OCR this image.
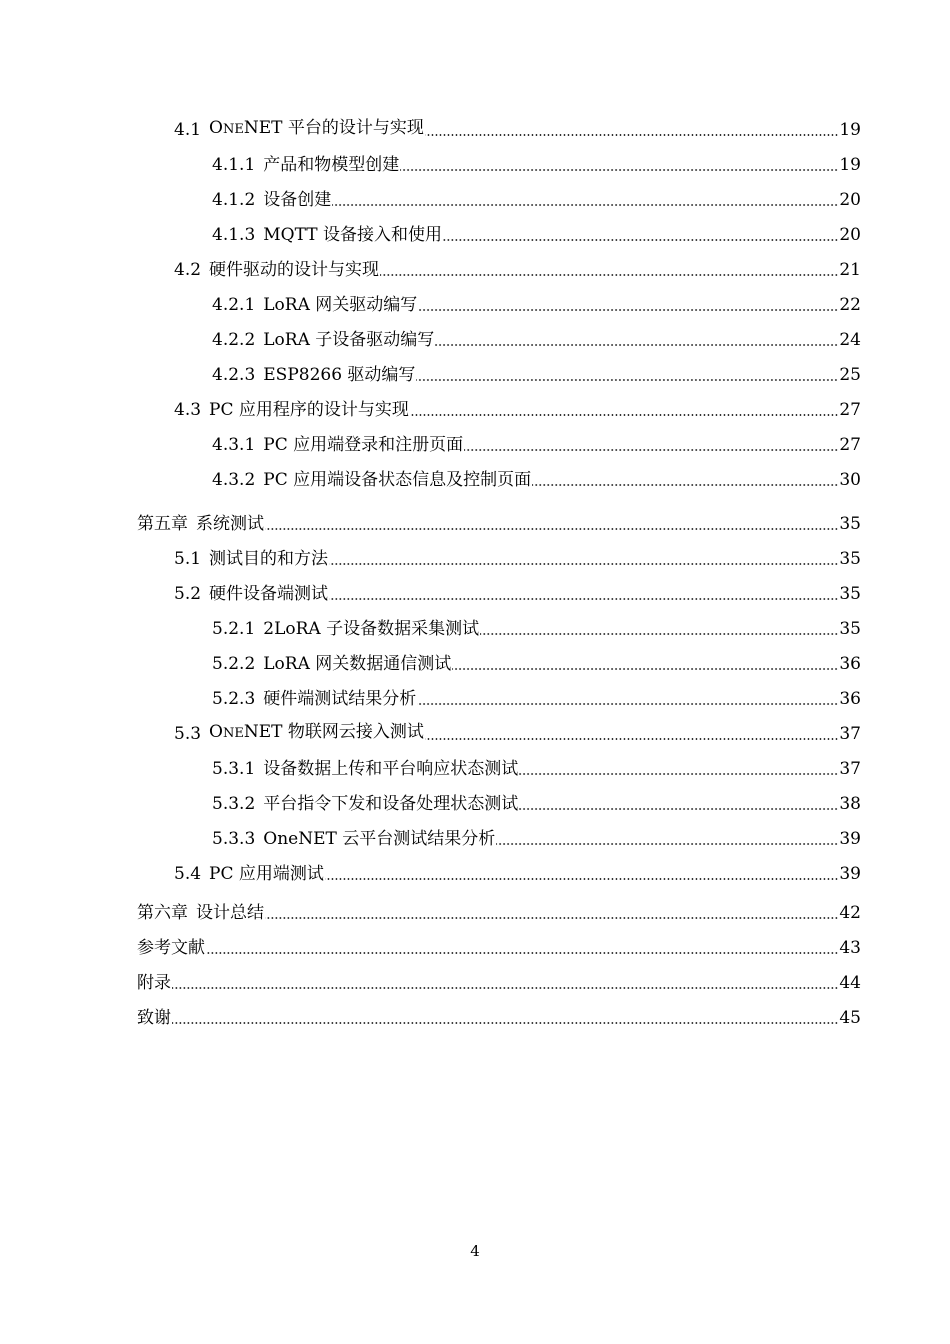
4.1 ONENET 平台的设计与实现	19
4.1.1 产品和物模型创建	19
4.1.2 设备创建	20
4.1.3 MQTT 设备接入和使用	20
4.2 硬件驱动的设计与实现	21
4.2.1 LoRA 网关驱动编写	22
4.2.2 LoRA 子设备驱动编写	24
4.2.3 ESP8266 驱动编写	25
4.3 PC 应用程序的设计与实现	27
4.3.1 PC 应用端登录和注册页面	27
4.3.2 PC 应用端设备状态信息及控制页面	30
第五章 系统测试	35
5.1 测试目的和方法	35
5.2 硬件设备端测试	35
5.2.1 2LoRA 子设备数据采集测试	35
5.2.2 LoRA 网关数据通信测试	36
5.2.3 硬件端测试结果分析	36
5.3 ONENET 物联网云接入测试	37
5.3.1 设备数据上传和平台响应状态测试	37
5.3.2 平台指令下发和设备处理状态测试	38
5.3.3 OneNET 云平台测试结果分析	39
5.4 PC 应用端测试	39
第六章 设计总结	42
参考文献	43
附录	44
致谢	45
4
